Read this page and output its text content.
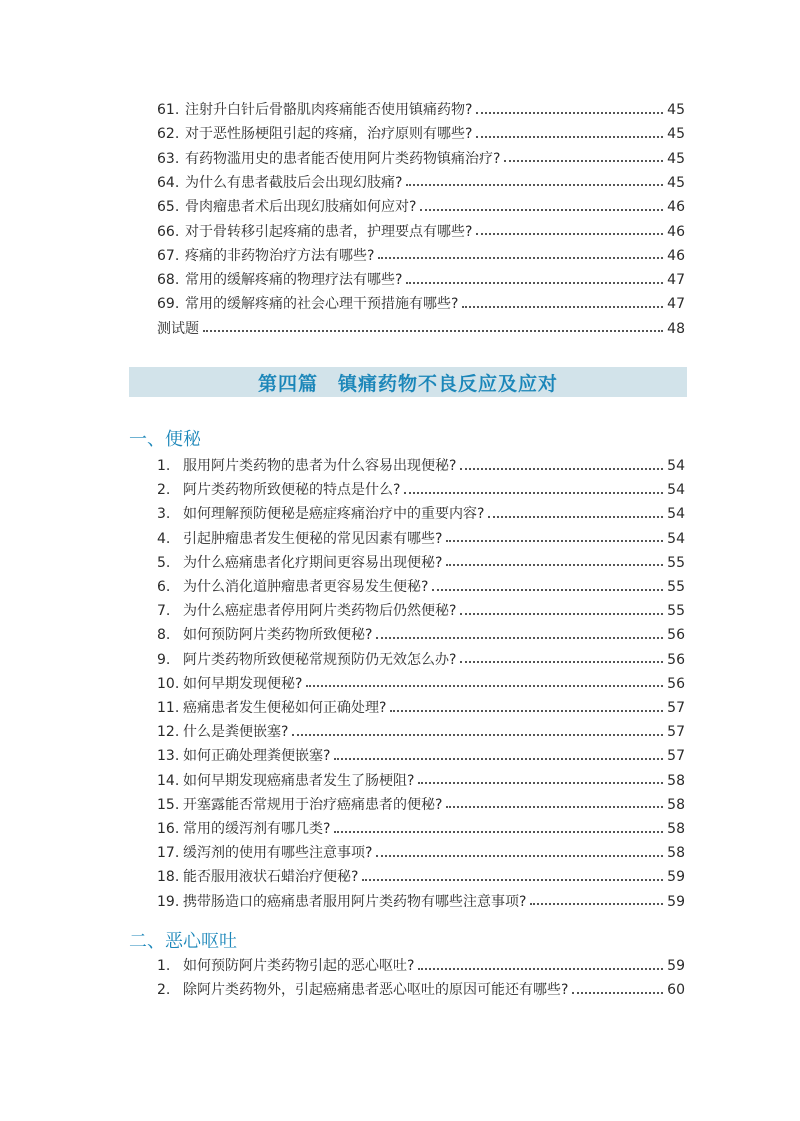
61. 注射升白针后骨骼肌肉疼痛能否使用镇痛药物?	45
62. 对于恶性肠梗阻引起的疼痛，治疗原则有哪些?	45
63. 有药物滥用史的患者能否使用阿片类药物镇痛治疗?	45
64. 为什么有患者截肢后会出现幻肢痛?	45
65. 骨肉瘤患者术后出现幻肢痛如何应对?	46
66. 对于骨转移引起疼痛的患者，护理要点有哪些?	46
67. 疼痛的非药物治疗方法有哪些?	46
68. 常用的缓解疼痛的物理疗法有哪些?	47
69. 常用的缓解疼痛的社会心理干预措施有哪些?	47
测试题	48
第四篇　镇痛药物不良反应及应对
一、便秘
1. 服用阿片类药物的患者为什么容易出现便秘?	54
2. 阿片类药物所致便秘的特点是什么?	54
3. 如何理解预防便秘是癌症疼痛治疗中的重要内容?	54
4. 引起肿瘤患者发生便秘的常见因素有哪些?	54
5. 为什么癌痛患者化疗期间更容易出现便秘?	55
6. 为什么消化道肿瘤患者更容易发生便秘?	55
7. 为什么癌症患者停用阿片类药物后仍然便秘?	55
8. 如何预防阿片类药物所致便秘?	56
9. 阿片类药物所致便秘常规预防仍无效怎么办?	56
10. 如何早期发现便秘?	56
11. 癌痛患者发生便秘如何正确处理?	57
12. 什么是粪便嵌塞?	57
13. 如何正确处理粪便嵌塞?	57
14. 如何早期发现癌痛患者发生了肠梗阻?	58
15. 开塞露能否常规用于治疗癌痛患者的便秘?	58
16. 常用的缓泻剂有哪几类?	58
17. 缓泻剂的使用有哪些注意事项?	58
18. 能否服用液状石蜡治疗便秘?	59
19. 携带肠造口的癌痛患者服用阿片类药物有哪些注意事项?	59
二、恶心呕吐
1. 如何预防阿片类药物引起的恶心呕吐?	59
2. 除阿片类药物外，引起癌痛患者恶心呕吐的原因可能还有哪些?	60
